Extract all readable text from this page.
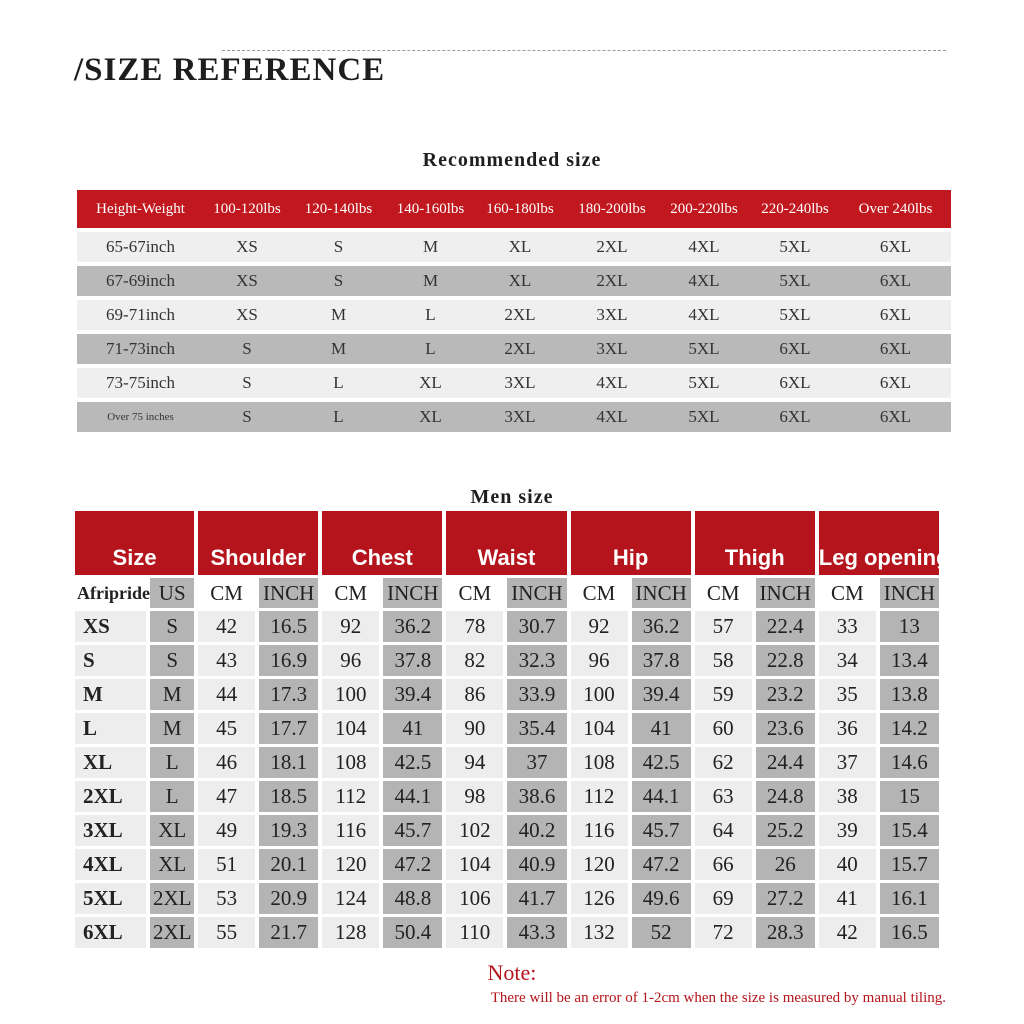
/SIZE REFERENCE
Recommended size
Height-Weight	100-120lbs	120-140lbs	140-160lbs	160-180lbs	180-200lbs	200-220lbs	220-240lbs	Over 240lbs
65-67inch	XS	S	M	XL	2XL	4XL	5XL	6XL
67-69inch	XS	S	M	XL	2XL	4XL	5XL	6XL
69-71inch	XS	M	L	2XL	3XL	4XL	5XL	6XL
71-73inch	S	M	L	2XL	3XL	5XL	6XL	6XL
73-75inch	S	L	XL	3XL	4XL	5XL	6XL	6XL
Over 75 inches	S	L	XL	3XL	4XL	5XL	6XL	6XL
Men size
Size		Shoulder		Chest		Waist		Hip		Thigh		Leg opening	
Afripride	US	CM	INCH	CM	INCH	CM	INCH	CM	INCH	CM	INCH	CM	INCH
XS	S	42	16.5	92	36.2	78	30.7	92	36.2	57	22.4	33	13
S	S	43	16.9	96	37.8	82	32.3	96	37.8	58	22.8	34	13.4
M	M	44	17.3	100	39.4	86	33.9	100	39.4	59	23.2	35	13.8
L	M	45	17.7	104	41	90	35.4	104	41	60	23.6	36	14.2
XL	L	46	18.1	108	42.5	94	37	108	42.5	62	24.4	37	14.6
2XL	L	47	18.5	112	44.1	98	38.6	112	44.1	63	24.8	38	15
3XL	XL	49	19.3	116	45.7	102	40.2	116	45.7	64	25.2	39	15.4
4XL	XL	51	20.1	120	47.2	104	40.9	120	47.2	66	26	40	15.7
5XL	2XL	53	20.9	124	48.8	106	41.7	126	49.6	69	27.2	41	16.1
6XL	2XL	55	21.7	128	50.4	110	43.3	132	52	72	28.3	42	16.5
Note:
There will be an error of 1-2cm when the size is measured by manual tiling.
